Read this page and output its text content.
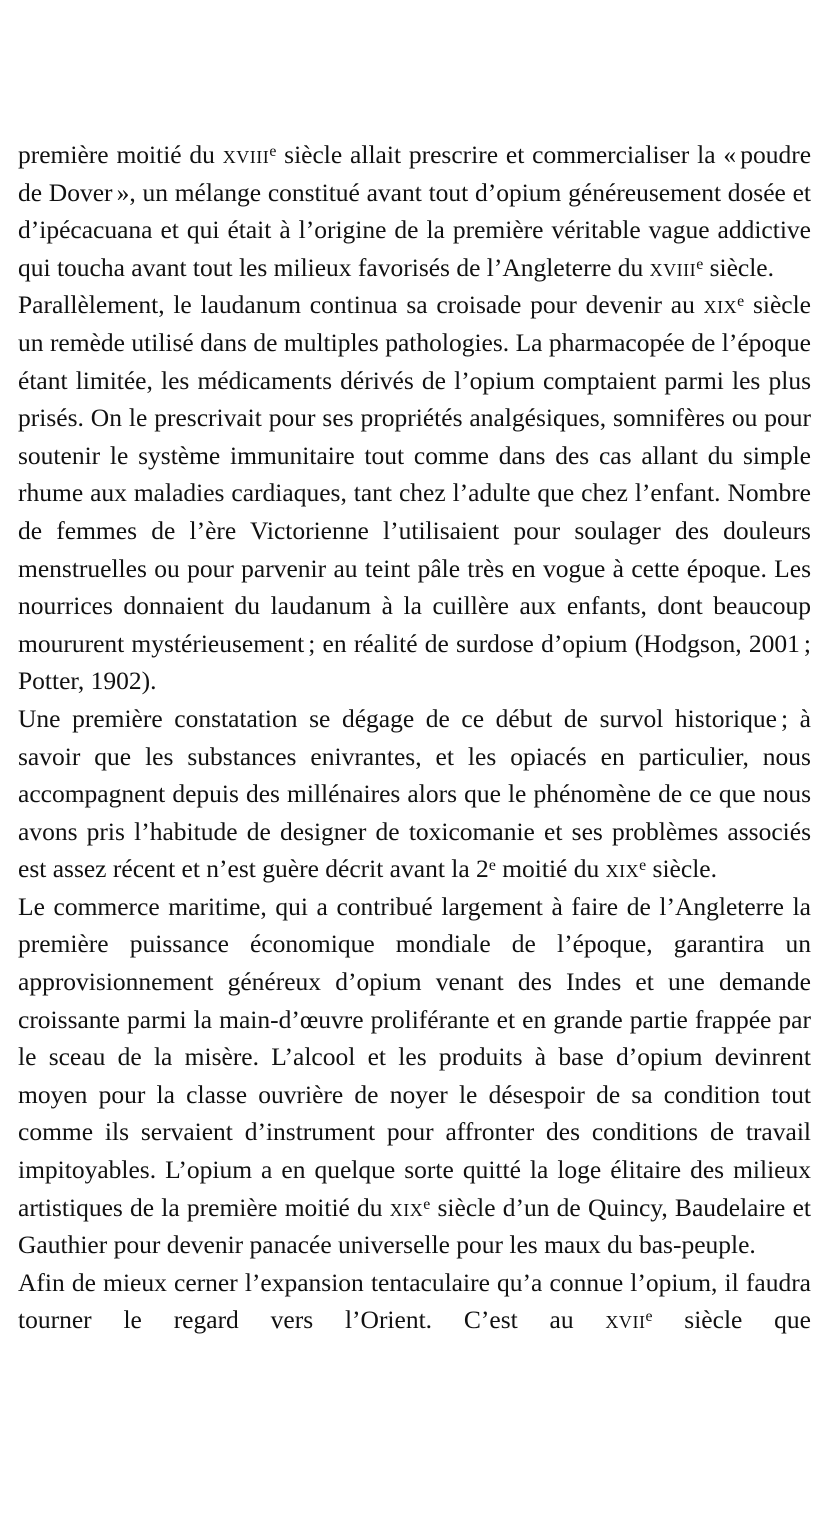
première moitié du xviii$^e$ siècle allait prescrire et commercialiser la « poudre de Dover », un mélange constitué avant tout d’opium généreusement dosée et d’ipécacuana et qui était à l’origine de la première véritable vague addictive qui toucha avant tout les milieux favorisés de l’Angleterre du xviii$^e$ siècle.

Parallèlement, le laudanum continua sa croisade pour devenir au xix$^e$ siècle un remède utilisé dans de multiples pathologies. La pharmacopée de l’époque étant limitée, les médicaments dérivés de l’opium comptaient parmi les plus prisés. On le prescrivait pour ses propriétés analgésiques, somnifères ou pour soutenir le système immunitaire tout comme dans des cas allant du simple rhume aux maladies cardiaques, tant chez l’adulte que chez l’enfant. Nombre de femmes de l’ère Victorienne l’utilisaient pour soulager des douleurs menstruelles ou pour parvenir au teint pâle très en vogue à cette époque. Les nourrices donnaient du laudanum à la cuillère aux enfants, dont beaucoup moururent mystérieusement ; en réalité de surdose d’opium (Hodgson, 2001 ; Potter, 1902).

Une première constatation se dégage de ce début de survol historique ; à savoir que les substances enivrantes, et les opiacés en particulier, nous accompagnent depuis des millénaires alors que le phénomène de ce que nous avons pris l’habitude de designer de toxicomanie et ses problèmes associés est assez récent et n’est guère décrit avant la 2e moitié du xix$^e$ siècle.

Le commerce maritime, qui a contribué largement à faire de l’Angleterre la première puissance économique mondiale de l’époque, garantira un approvisionnement généreux d’opium venant des Indes et une demande croissante parmi la main-d’œuvre proliférante et en grande partie frappée par le sceau de la misère. L’alcool et les produits à base d’opium devinrent moyen pour la classe ouvrière de noyer le désespoir de sa condition tout comme ils servaient d’instrument pour affronter des conditions de travail impitoyables. L’opium a en quelque sorte quitté la loge élitaire des milieux artistiques de la première moitié du xix$^e$ siècle d’un de Quincy, Baudelaire et Gauthier pour devenir panacée universelle pour les maux du bas-peuple.

Afin de mieux cerner l’expansion tentaculaire qu’a connue l’opium, il faudra tourner le regard vers l’Orient. C’est au xvii$^e$ siècle que
